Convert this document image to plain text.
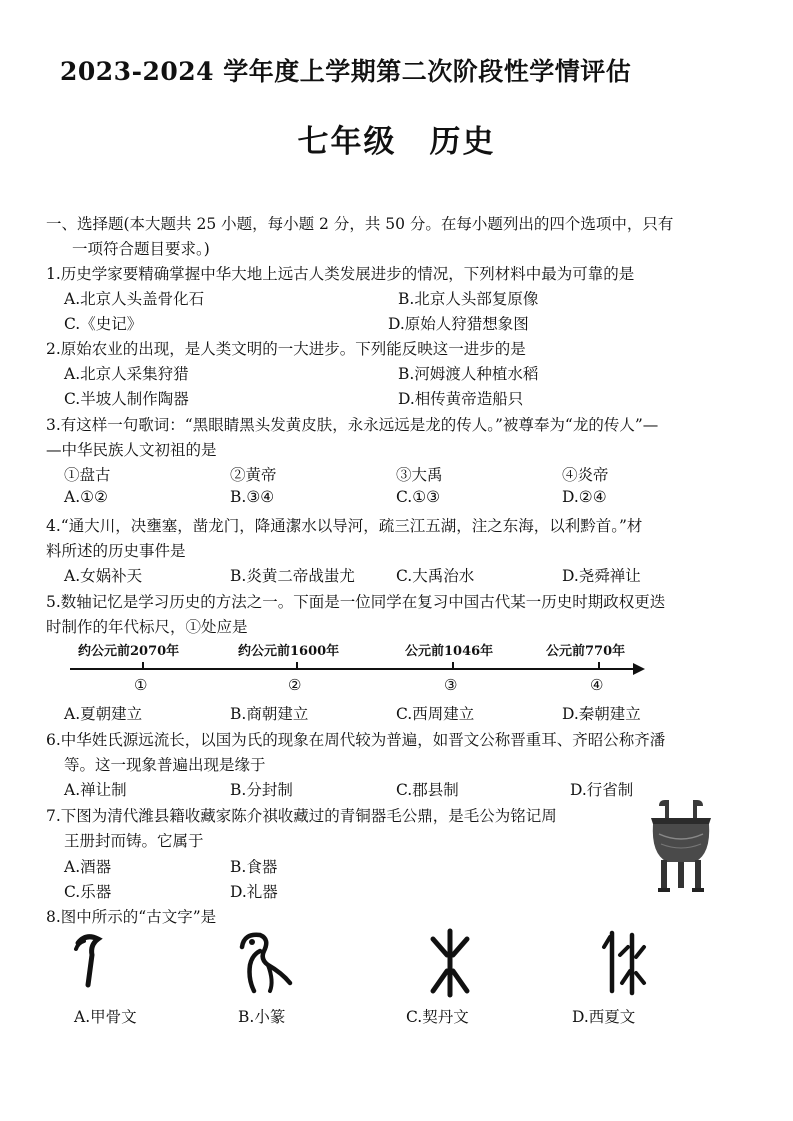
2023-2024 学年度上学期第二次阶段性学情评估
七年级　历史
一、选择题(本大题共 25 小题，每小题 2 分，共 50 分。在每小题列出的四个选项中，只有
一项符合题目要求。)
1.历史学家要精确掌握中华大地上远古人类发展进步的情况，下列材料中最为可靠的是
A.北京人头盖骨化石	B.北京人头部复原像
C.《史记》	D.原始人狩猎想象图
2.原始农业的出现，是人类文明的一大进步。下列能反映这一进步的是
A.北京人采集狩猎	B.河姆渡人种植水稻
C.半坡人制作陶器	D.相传黄帝造船只
3.有这样一句歌词：“黑眼睛黑头发黄皮肤，永永远远是龙的传人。”被尊奉为“龙的传人”—
—中华民族人文初祖的是
①盘古	②黄帝	③大禹	④炎帝
A.①②	B.③④	C.①③	D.②④
4.“通大川，决壅塞，凿龙门，降通潔水以导河，疏三江五湖，注之东海，以利黔首。”材
料所述的历史事件是
A.女娲补天	B.炎黄二帝战蚩尤	C.大禹治水	D.尧舜禅让
5.数轴记忆是学习历史的方法之一。下面是一位同学在复习中国古代某一历史时期政权更迭
时制作的年代标尺，①处应是
约公元前2070年	约公元前1600年	公元前1046年	公元前770年
①	②	③	④
A.夏朝建立	B.商朝建立	C.西周建立	D.秦朝建立
6.中华姓氏源远流长，以国为氏的现象在周代较为普遍，如晋文公称晋重耳、齐昭公称齐潘
等。这一现象普遍出现是缘于
A.禅让制	B.分封制	C.郡县制	D.行省制
7.下图为清代潍县籍收藏家陈介祺收藏过的青铜器毛公鼎，是毛公为铭记周
王册封而铸。它属于
A.酒器	B.食器
C.乐器	D.礼器
8.图中所示的“古文字”是
A.甲骨文	B.小篆	C.契丹文	D.西夏文
